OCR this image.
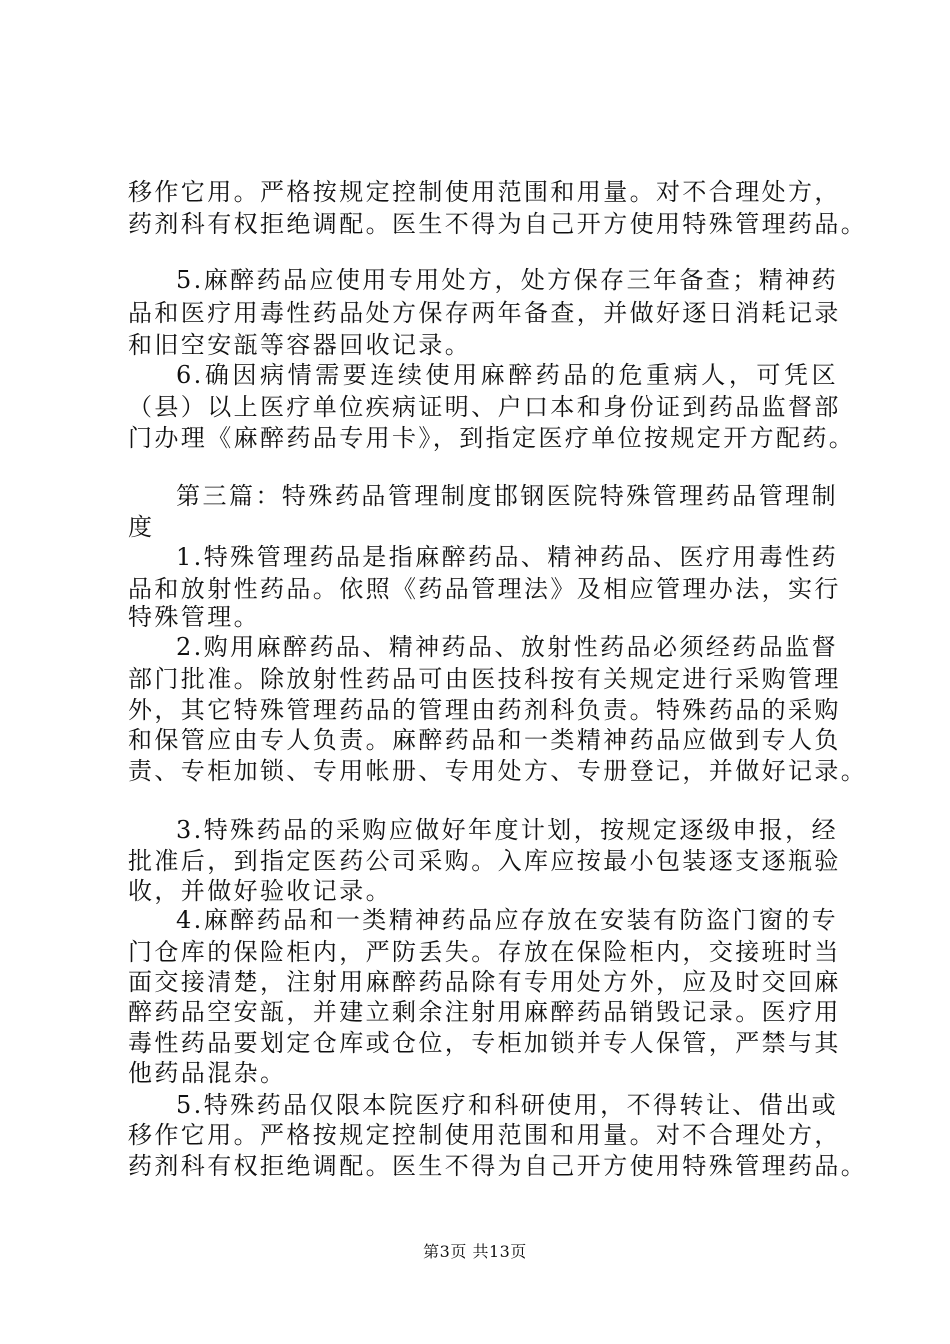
移作它用。严格按规定控制使用范围和用量。对不合理处方，
药剂科有权拒绝调配。医生不得为自己开方使用特殊管理药品。
5.麻醉药品应使用专用处方，处方保存三年备查；精神药
品和医疗用毒性药品处方保存两年备查，并做好逐日消耗记录
和旧空安瓿等容器回收记录。
6.确因病情需要连续使用麻醉药品的危重病人，可凭区
（县）以上医疗单位疾病证明、户口本和身份证到药品监督部
门办理《麻醉药品专用卡》，到指定医疗单位按规定开方配药。
第三篇：特殊药品管理制度邯钢医院特殊管理药品管理制
度
1.特殊管理药品是指麻醉药品、精神药品、医疗用毒性药
品和放射性药品。依照《药品管理法》及相应管理办法，实行
特殊管理。
2.购用麻醉药品、精神药品、放射性药品必须经药品监督
部门批准。除放射性药品可由医技科按有关规定进行采购管理
外，其它特殊管理药品的管理由药剂科负责。特殊药品的采购
和保管应由专人负责。麻醉药品和一类精神药品应做到专人负
责、专柜加锁、专用帐册、专用处方、专册登记，并做好记录。
3.特殊药品的采购应做好年度计划，按规定逐级申报，经
批准后，到指定医药公司采购。入库应按最小包装逐支逐瓶验
收，并做好验收记录。
4.麻醉药品和一类精神药品应存放在安装有防盗门窗的专
门仓库的保险柜内，严防丢失。存放在保险柜内，交接班时当
面交接清楚，注射用麻醉药品除有专用处方外，应及时交回麻
醉药品空安瓿，并建立剩余注射用麻醉药品销毁记录。医疗用
毒性药品要划定仓库或仓位，专柜加锁并专人保管，严禁与其
他药品混杂。
5.特殊药品仅限本院医疗和科研使用，不得转让、借出或
移作它用。严格按规定控制使用范围和用量。对不合理处方，
药剂科有权拒绝调配。医生不得为自己开方使用特殊管理药品。
第3页 共13页
